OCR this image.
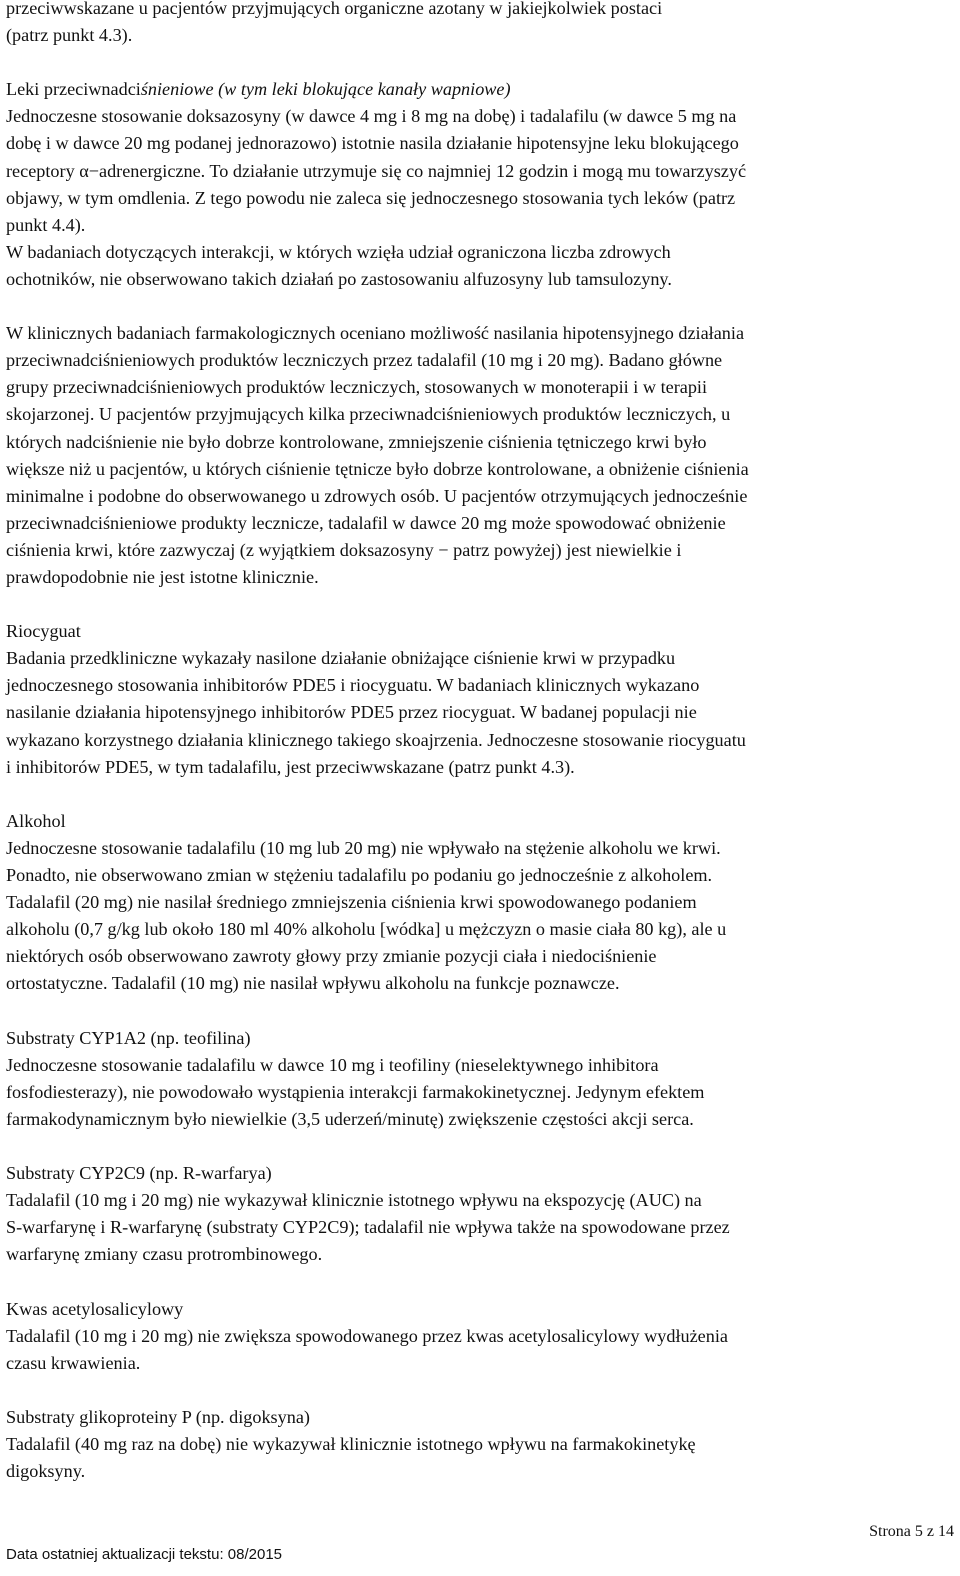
przeciwwskazane u pacjentów przyjmujących organiczne azotany w jakiejkolwiek postaci
(patrz punkt 4.3).

Leki przeciwnadciśnieniowe (w tym leki blokujące kanały wapniowe)

Jednoczesne stosowanie doksazosyny (w dawce 4 mg i 8 mg na dobę) i tadalafilu (w dawce 5 mg na
dobę i w dawce 20 mg podanej jednorazowo) istotnie nasila działanie hipotensyjne leku blokującego
receptory α−adrenergiczne. To działanie utrzymuje się co najmniej 12 godzin i mogą mu towarzyszyć
objawy, w tym omdlenia. Z tego powodu nie zaleca się jednoczesnego stosowania tych leków (patrz
punkt 4.4).
W badaniach dotyczących interakcji, w których wzięła udział ograniczona liczba zdrowych
ochotników, nie obserwowano takich działań po zastosowaniu alfuzosyny lub tamsulozyny.

W klinicznych badaniach farmakologicznych oceniano możliwość nasilania hipotensyjnego działania
przeciwnadciśnieniowych produktów leczniczych przez tadalafil (10 mg i 20 mg). Badano główne
grupy przeciwnadciśnieniowych produktów leczniczych, stosowanych w monoterapii i w terapii
skojarzonej. U pacjentów przyjmujących kilka przeciwnadciśnieniowych produktów leczniczych, u
których nadciśnienie nie było dobrze kontrolowane, zmniejszenie ciśnienia tętniczego krwi było
większe niż u pacjentów, u których ciśnienie tętnicze było dobrze kontrolowane, a obniżenie ciśnienia
minimalne i podobne do obserwowanego u zdrowych osób. U pacjentów otrzymujących jednocześnie
przeciwnadciśnieniowe produkty lecznicze, tadalafil w dawce 20 mg może spowodować obniżenie
ciśnienia krwi, które zazwyczaj (z wyjątkiem doksazosyny − patrz powyżej) jest niewielkie i
prawdopodobnie nie jest istotne klinicznie.

Riocyguat

Badania przedkliniczne wykazały nasilone działanie obniżające ciśnienie krwi w przypadku
jednoczesnego stosowania inhibitorów PDE5 i riocyguatu. W badaniach klinicznych wykazano
nasilanie działania hipotensyjnego inhibitorów PDE5 przez riocyguat. W badanej populacji nie
wykazano korzystnego działania klinicznego takiego skoajrzenia. Jednoczesne stosowanie riocyguatu
i inhibitorów PDE5, w tym tadalafilu, jest przeciwwskazane (patrz punkt 4.3).

Alkohol

Jednoczesne stosowanie tadalafilu (10 mg lub 20 mg) nie wpływało na stężenie alkoholu we krwi.
Ponadto, nie obserwowano zmian w stężeniu tadalafilu po podaniu go jednocześnie z alkoholem.
Tadalafil (20 mg) nie nasilał średniego zmniejszenia ciśnienia krwi spowodowanego podaniem
alkoholu (0,7 g/kg lub około 180 ml 40% alkoholu [wódka] u mężczyzn o masie ciała 80 kg), ale u
niektórych osób obserwowano zawroty głowy przy zmianie pozycji ciała i niedociśnienie
ortostatyczne. Tadalafil (10 mg) nie nasilał wpływu alkoholu na funkcje poznawcze.

Substraty CYP1A2 (np. teofilina)

Jednoczesne stosowanie tadalafilu w dawce 10 mg i teofiliny (nieselektywnego inhibitora
fosfodiesterazy), nie powodowało wystąpienia interakcji farmakokinetycznej. Jedynym efektem
farmakodynamicznym było niewielkie (3,5 uderzeń/minutę) zwiększenie częstości akcji serca.

Substraty CYP2C9 (np. R-warfarya)

Tadalafil (10 mg i 20 mg) nie wykazywał klinicznie istotnego wpływu na ekspozycję (AUC) na
S-warfarynę i R-warfarynę (substraty CYP2C9); tadalafil nie wpływa także na spowodowane przez
warfarynę zmiany czasu protrombinowego.

Kwas acetylosalicylowy

Tadalafil (10 mg i 20 mg) nie zwiększa spowodowanego przez kwas acetylosalicylowy wydłużenia
czasu krwawienia.

Substraty glikoproteiny P (np. digoksyna)

Tadalafil (40 mg raz na dobę) nie wykazywał klinicznie istotnego wpływu na farmakokinetykę
digoksyny.

Strona 5 z 14
Data ostatniej aktualizacji tekstu: 08/2015
